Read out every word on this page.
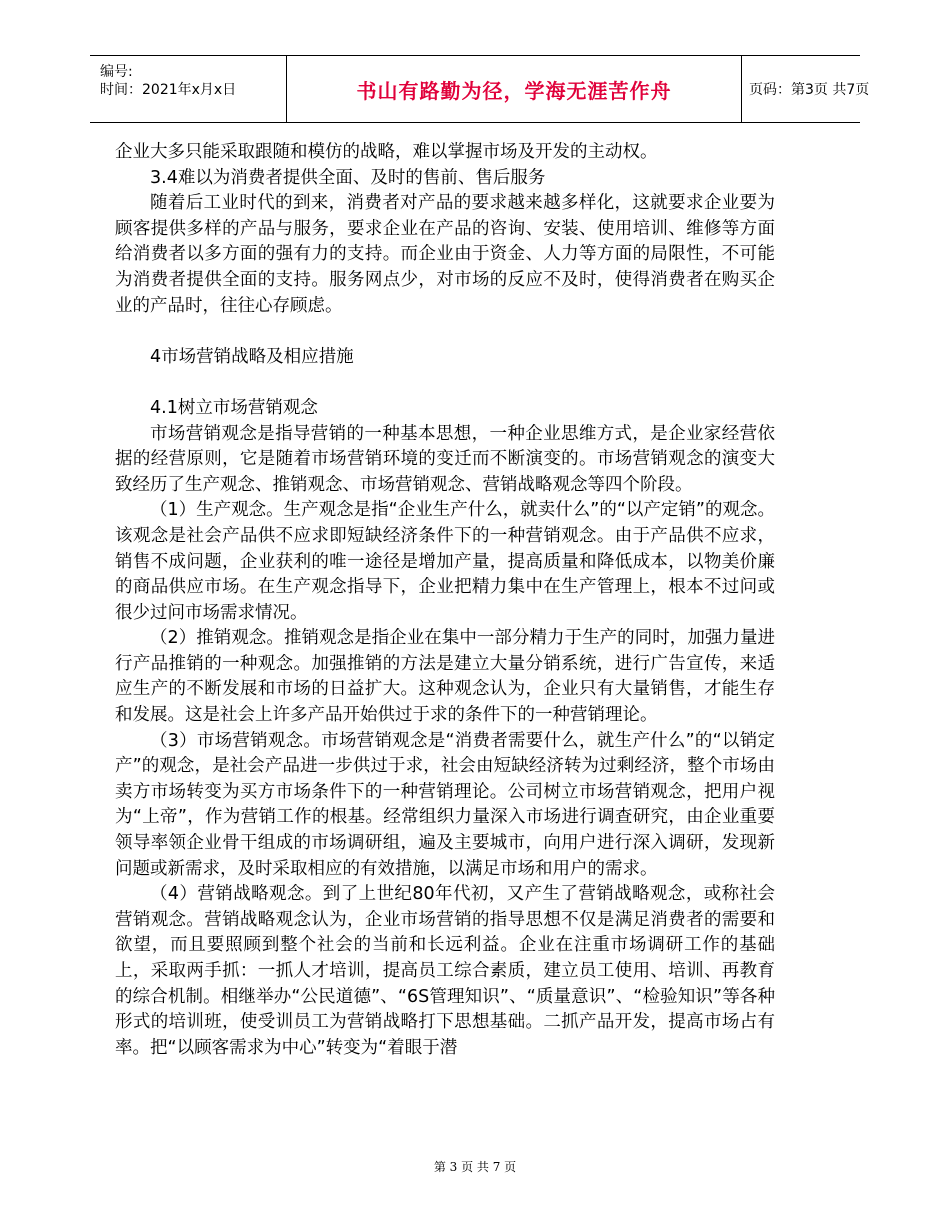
编号:
时间：2021年x月x日	书山有路勤为径，学海无涯苦作舟	页码：第3页 共7页

企业大多只能采取跟随和模仿的战略，难以掌握市场及开发的主动权。

3.4难以为消费者提供全面、及时的售前、售后服务

随着后工业时代的到来，消费者对产品的要求越来越多样化，这就要求企业要为顾客提供多样的产品与服务，要求企业在产品的咨询、安装、使用培训、维修等方面给消费者以多方面的强有力的支持。而企业由于资金、人力等方面的局限性，不可能为消费者提供全面的支持。服务网点少，对市场的反应不及时，使得消费者在购买企业的产品时，往往心存顾虑。

4市场营销战略及相应措施

4.1树立市场营销观念

市场营销观念是指导营销的一种基本思想，一种企业思维方式，是企业家经营依据的经营原则，它是随着市场营销环境的变迁而不断演变的。市场营销观念的演变大致经历了生产观念、推销观念、市场营销观念、营销战略观念等四个阶段。

（1）生产观念。生产观念是指“企业生产什么，就卖什么”的“以产定销”的观念。该观念是社会产品供不应求即短缺经济条件下的一种营销观念。由于产品供不应求，销售不成问题，企业获利的唯一途径是增加产量，提高质量和降低成本，以物美价廉的商品供应市场。在生产观念指导下，企业把精力集中在生产管理上，根本不过问或很少过问市场需求情况。

（2）推销观念。推销观念是指企业在集中一部分精力于生产的同时，加强力量进行产品推销的一种观念。加强推销的方法是建立大量分销系统，进行广告宣传，来适应生产的不断发展和市场的日益扩大。这种观念认为，企业只有大量销售，才能生存和发展。这是社会上许多产品开始供过于求的条件下的一种营销理论。

（3）市场营销观念。市场营销观念是“消费者需要什么，就生产什么”的“以销定产”的观念，是社会产品进一步供过于求，社会由短缺经济转为过剩经济，整个市场由卖方市场转变为买方市场条件下的一种营销理论。公司树立市场营销观念，把用户视为“上帝”，作为营销工作的根基。经常组织力量深入市场进行调查研究，由企业重要领导率领企业骨干组成的市场调研组，遍及主要城市，向用户进行深入调研，发现新问题或新需求，及时采取相应的有效措施，以满足市场和用户的需求。

（4）营销战略观念。到了上世纪80年代初，又产生了营销战略观念，或称社会营销观念。营销战略观念认为，企业市场营销的指导思想不仅是满足消费者的需要和欲望，而且要照顾到整个社会的当前和长远利益。企业在注重市场调研工作的基础上，采取两手抓：一抓人才培训，提高员工综合素质，建立员工使用、培训、再教育的综合机制。相继举办“公民道德”、“6S管理知识”、“质量意识”、“检验知识”等各种形式的培训班，使受训员工为营销战略打下思想基础。二抓产品开发，提高市场占有率。把“以顾客需求为中心”转变为“着眼于潜

第 3 页 共 7 页
